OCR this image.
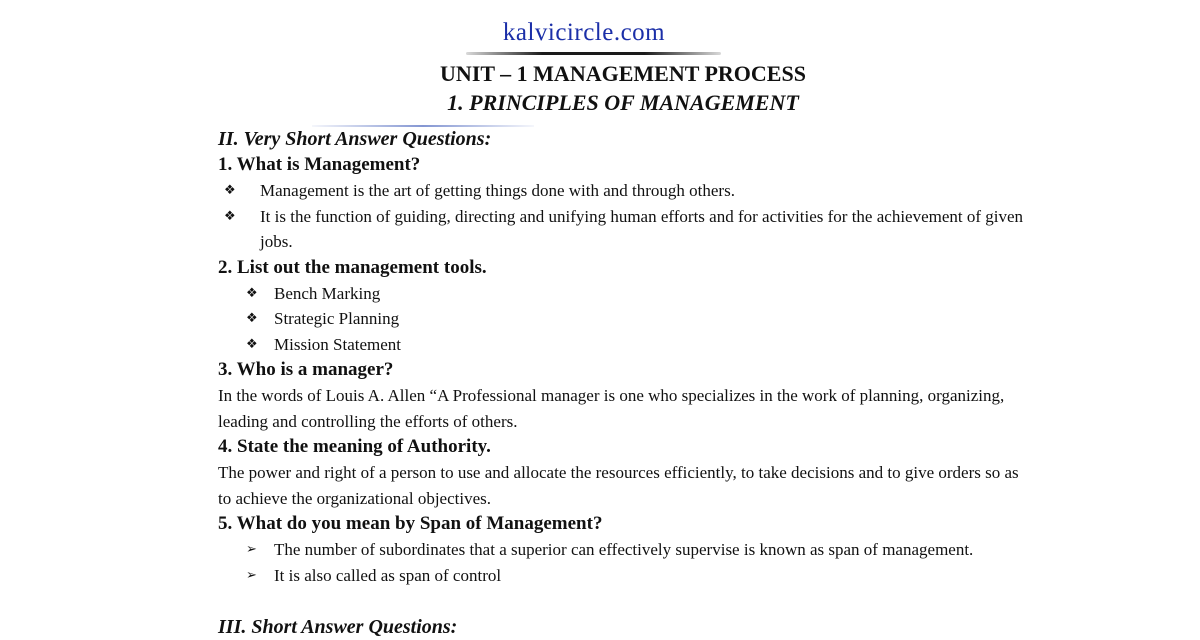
kalvicircle.com
UNIT – 1 MANAGEMENT PROCESS
1. PRINCIPLES OF MANAGEMENT

II. Very Short Answer Questions:

1. What is Management?

❖ Management is the art of getting things done with and through others.
❖ It is the function of guiding, directing and unifying human efforts and for activities for the achievement of given jobs.

2. List out the management tools.

❖ Bench Marking
❖ Strategic Planning
❖ Mission Statement

3. Who is a manager?

In the words of Louis A. Allen “A Professional manager is one who specializes in the work of planning, organizing, leading and controlling the efforts of others.

4. State the meaning of Authority.

The power and right of a person to use and allocate the resources efficiently, to take decisions and to give orders so as to achieve the organizational objectives.

5. What do you mean by Span of Management?

➢ The number of subordinates that a superior can effectively supervise is known as span of management.
➢ It is also called as span of control
III. Short Answer Questions:
